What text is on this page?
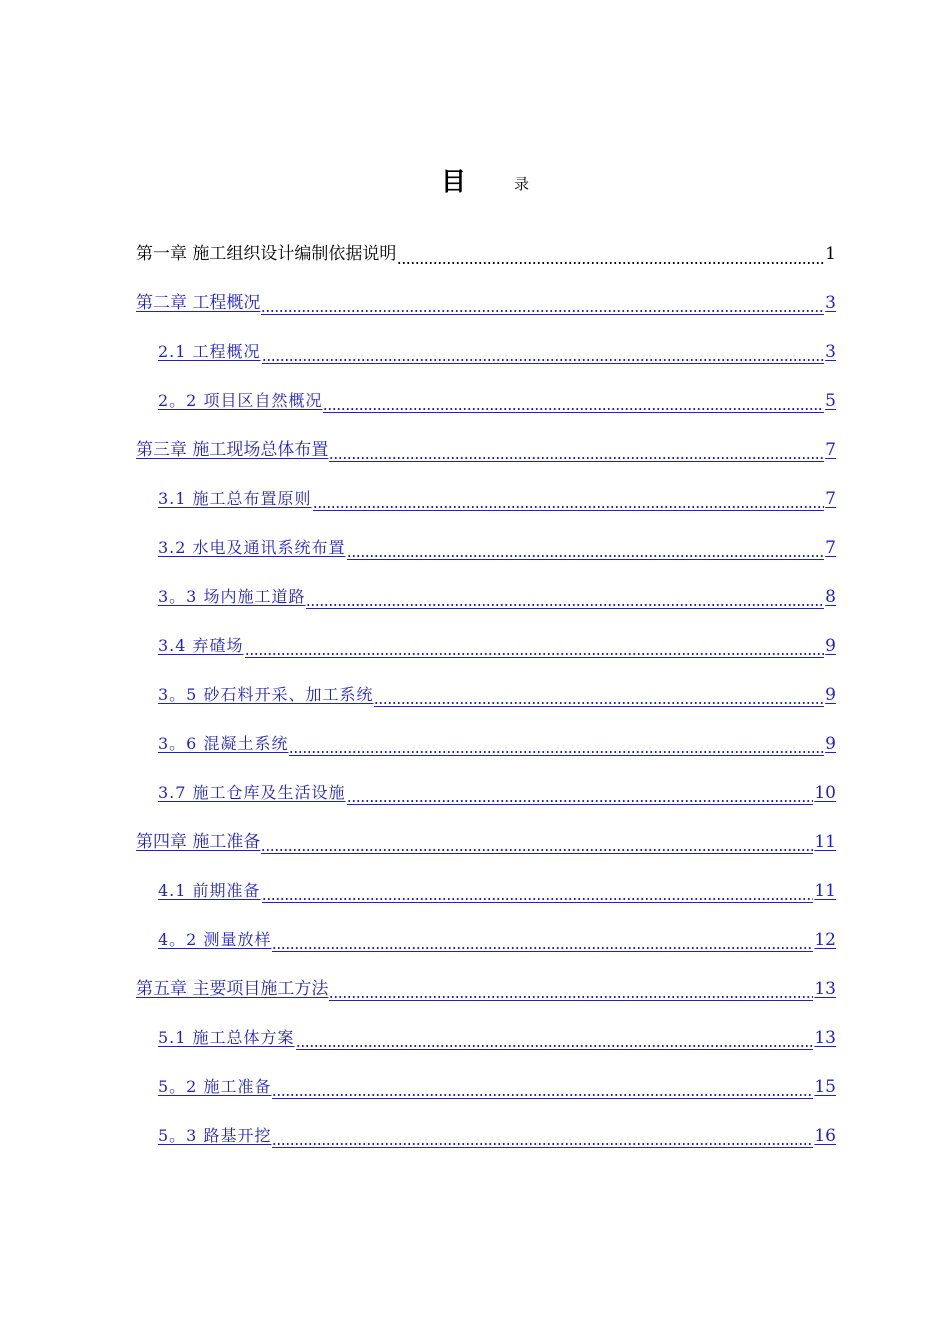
目	录
第一章 施工组织设计编制依据说明	1
第二章 工程概况	3
2.1 工程概况	3
2。2 项目区自然概况	5
第三章 施工现场总体布置	7
3.1 施工总布置原则	7
3.2 水电及通讯系统布置	7
3。3 场内施工道路	8
3.4 弃碴场	9
3。5 砂石料开采、加工系统	9
3。6 混凝土系统	9
3.7 施工仓库及生活设施	10
第四章 施工准备	11
4.1 前期准备	11
4。2 测量放样	12
第五章 主要项目施工方法	13
5.1 施工总体方案	13
5。2 施工准备	15
5。3 路基开挖	16
